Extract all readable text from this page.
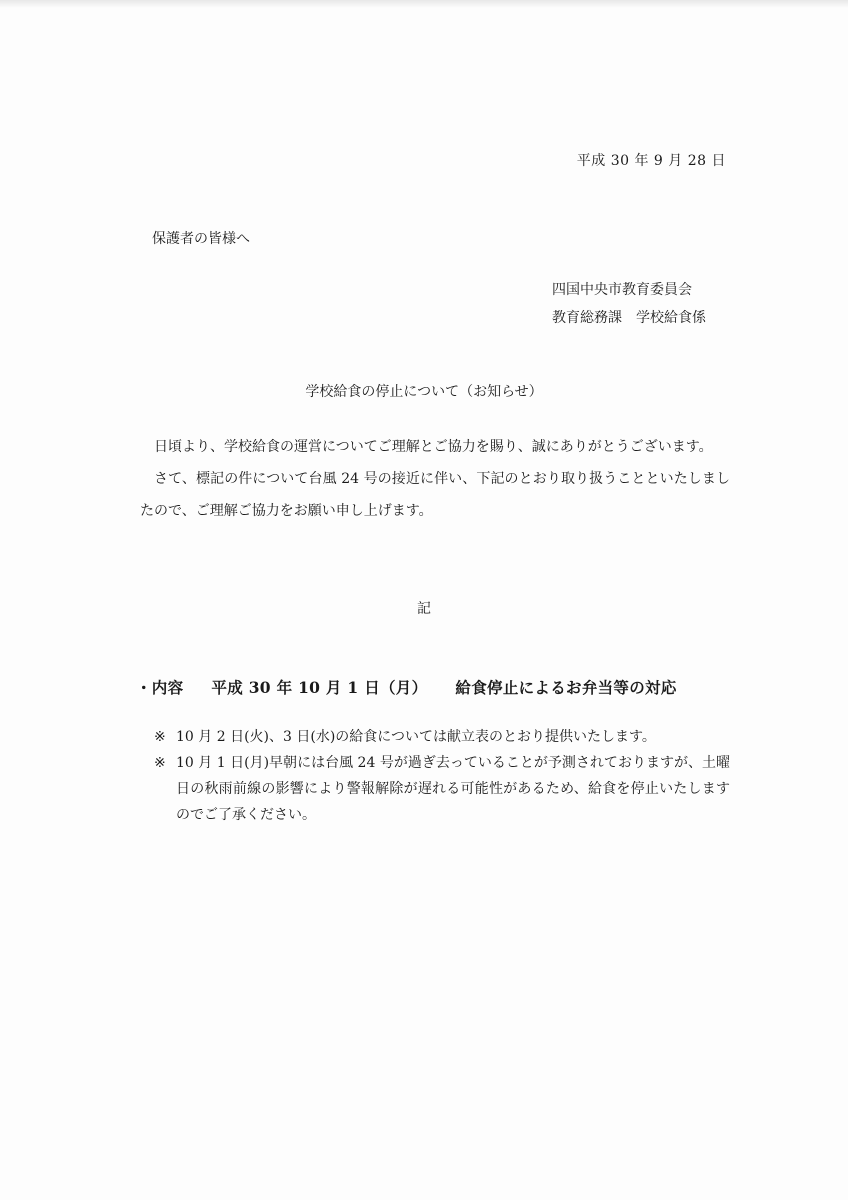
平成 30 年 9 月 28 日
保護者の皆様へ
四国中央市教育委員会
教育総務課　学校給食係
学校給食の停止について（お知らせ）

日頃より、学校給食の運営についてご理解とご協力を賜り、誠にありがとうございます。

さて、標記の件について台風 24 号の接近に伴い、下記のとおり取り扱うことといたしましたので、ご理解ご協力をお願い申し上げます。

記
・内容 平成 30 年 10 月 1 日（月） 給食停止によるお弁当等の対応
※ 10 月 2 日(火)、3 日(水)の給食については献立表のとおり提供いたします。
※ 10 月 1 日(月)早朝には台風 24 号が過ぎ去っていることが予測されておりますが、土曜日の秋雨前線の影響により警報解除が遅れる可能性があるため、給食を停止いたしますのでご了承ください。
